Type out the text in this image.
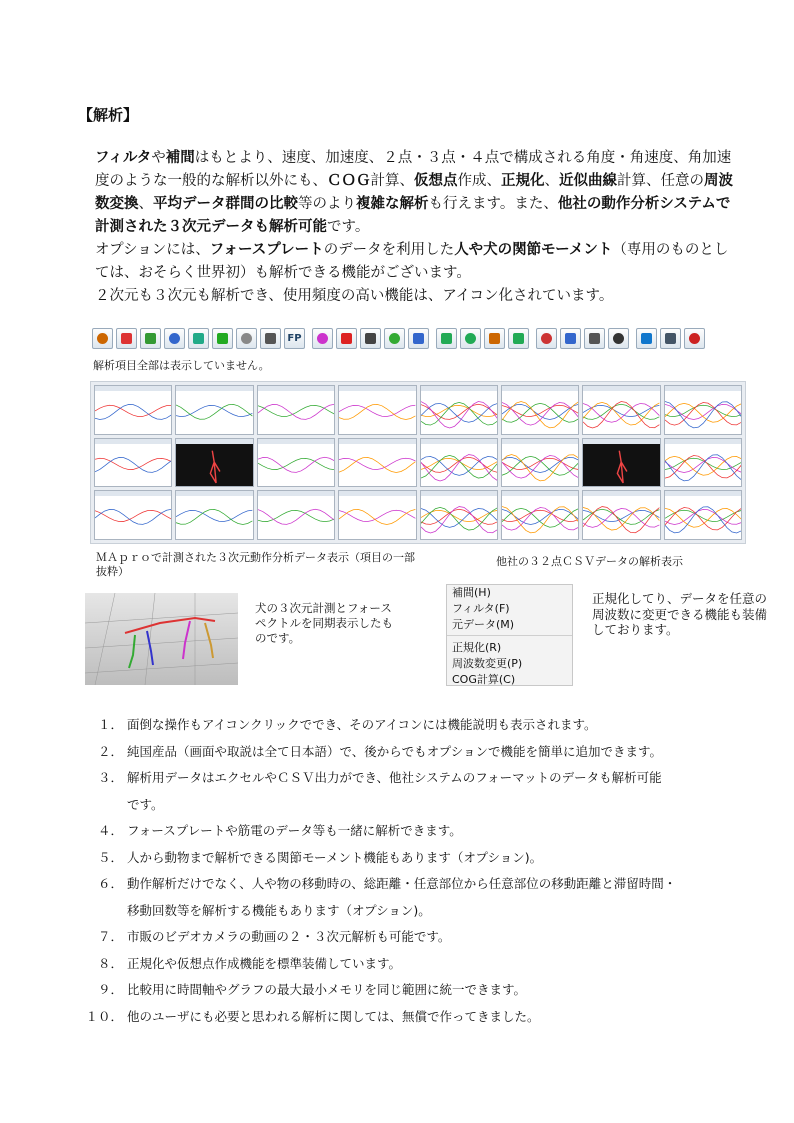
【解析】

フィルタや補間はもとより、速度、加速度、２点・３点・４点で構成される角度・角速度、角加速度のような一般的な解析以外にも、ＣＯＧ計算、仮想点作成、正規化、近似曲線計算、任意の周波数変換、平均データ群間の比較等のより複雑な解析も行えます。また、他社の動作分析システムで計測された３次元データも解析可能です。

オプションには、フォースプレートのデータを利用した人や犬の関節モーメント（専用のものとしては、おそらく世界初）も解析できる機能がございます。

２次元も３次元も解析でき、使用頻度の高い機能は、アイコン化されています。

FP
解析項目全部は表示していません。
ＭＡｐｒｏで計測された３次元動作分析データ表示（項目の一部抜粋）
他社の３２点ＣＳＶデータの解析表示
犬の３次元計測とフォースペクトルを同期表示したものです。
補間(H)
フィルタ(F)
元データ(M)
正規化(R)
周波数変更(P)
COG計算(C)
正規化してり、データを任意の周波数に変更できる機能も装備しております。
１． 面倒な操作もアイコンクリックででき、そのアイコンには機能説明も表示されます。
２． 純国産品（画面や取説は全て日本語）で、後からでもオプションで機能を簡単に追加できます。
３． 解析用データはエクセルやＣＳＶ出力ができ、他社システムのフォーマットのデータも解析可能
です。
４． フォースプレートや筋電のデータ等も一緒に解析できます。
５． 人から動物まで解析できる関節モーメント機能もあります（オプション)。
６． 動作解析だけでなく、人や物の移動時の、総距離・任意部位から任意部位の移動距離と滞留時間・
移動回数等を解析する機能もあります（オプション)。
７． 市販のビデオカメラの動画の２・３次元解析も可能です。
８． 正規化や仮想点作成機能を標準装備しています。
９． 比較用に時間軸やグラフの最大最小メモリを同じ範囲に統一できます。
１０． 他のユーザにも必要と思われる解析に関しては、無償で作ってきました。
